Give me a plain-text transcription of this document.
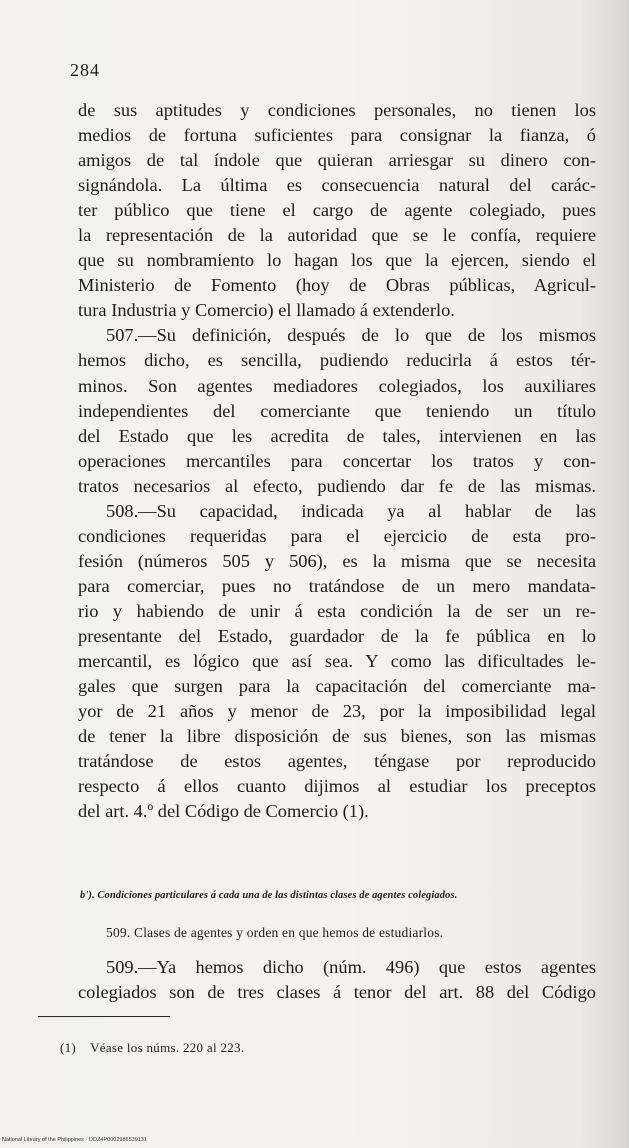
284
de sus aptitudes y condiciones personales, no tienen los
medios de fortuna suficientes para consignar la fianza, ó
amigos de tal índole que quieran arriesgar su dinero con-
signándola. La última es consecuencia natural del carác-
ter público que tiene el cargo de agente colegiado, pues
la representación de la autoridad que se le confía, requiere
que su nombramiento lo hagan los que la ejercen, siendo el
Ministerio de Fomento (hoy de Obras públicas, Agricul-
tura Industria y Comercio) el llamado á extenderlo.
507.—Su definición, después de lo que de los mismos
hemos dicho, es sencilla, pudiendo reducirla á estos tér-
minos. Son agentes mediadores colegiados, los auxiliares
independientes del comerciante que teniendo un título
del Estado que les acredita de tales, intervienen en las
operaciones mercantiles para concertar los tratos y con-
tratos necesarios al efecto, pudiendo dar fe de las mismas.
508.—Su capacidad, indicada ya al hablar de las
condiciones requeridas para el ejercicio de esta pro-
fesión (números 505 y 506), es la misma que se necesita
para comerciar, pues no tratándose de un mero mandata-
rio y habiendo de unir á esta condición la de ser un re-
presentante del Estado, guardador de la fe pública en lo
mercantil, es lógico que así sea. Y como las dificultades le-
gales que surgen para la capacitación del comerciante ma-
yor de 21 años y menor de 23, por la imposibilidad legal
de tener la libre disposición de sus bienes, son las mismas
tratándose de estos agentes, téngase por reproducido
respecto á ellos cuanto dijimos al estudiar los preceptos
del art. 4.º del Código de Comercio (1).
b'). Condiciones particulares á cada una de las distintas clases de agentes colegiados.
509. Clases de agentes y orden en que hemos de estudiarlos.
509.—Ya hemos dicho (núm. 496) que estos agentes
colegiados son de tres clases á tenor del art. 88 del Código
(1) Véase los núms. 220 al 223.
National Library of the Philippines · DOZ4P0002986539131
